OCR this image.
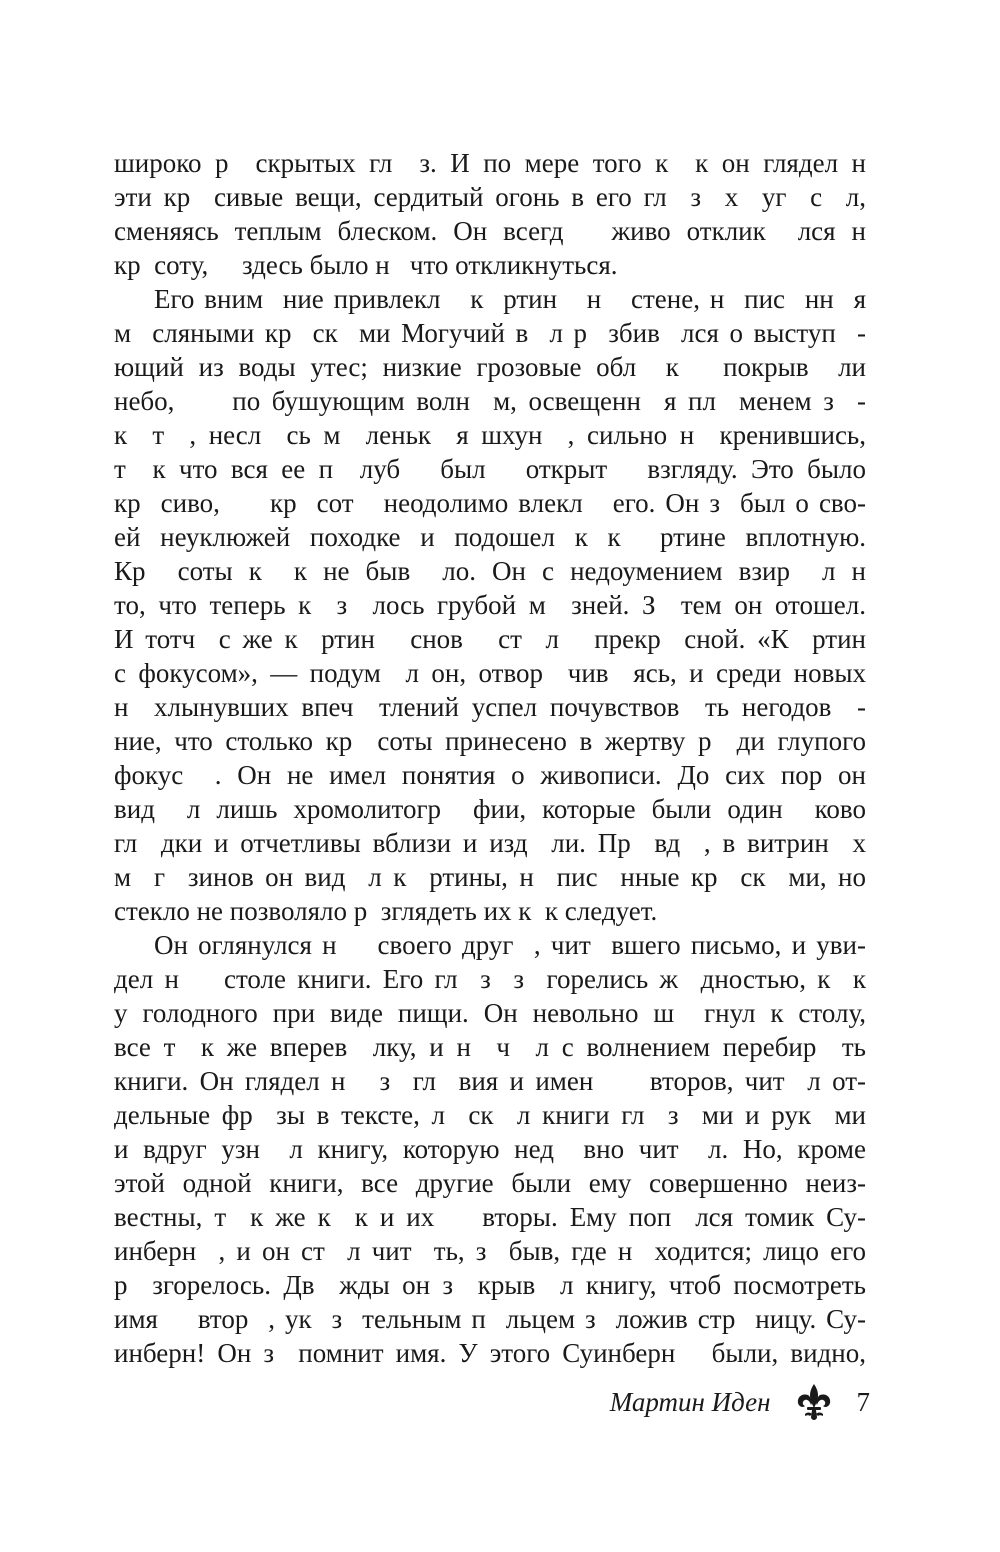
широко р  скрытых гл  з. И по мере того к  к он глядел н
эти кр  сивые вещи, сердитый огонь в его гл  з  х  уг  с  л,
сменяясь теплым блеском. Он всегд   живо отклик  лся н
кр  соту,     здесь было н   что откликнуться.
Его вним  ние привлекл   к  ртин   н   стене, н  пис  нн  я
м  сляными кр  ск  ми Могучий в  л р  збив  лся о выступ  -
ющий из воды утес; низкие грозовые обл  к   покрыв  ли
небо,     по бушующим волн  м, освещенн  я пл  менем з  -
к  т  , несл  сь м  леньк  я шхун  , сильно н  кренившись,
т  к что вся ее п  луб   был   открыт   взгляду. Это было
кр  сиво,     кр  сот   неодолимо влекл   его. Он з  был о сво-
ей неуклюжей походке и подошел к к  ртине вплотную.
Кр  соты к  к не быв  ло. Он с недоумением взир  л н
то, что теперь к  з  лось грубой м  зней. З  тем он отошел.
И тотч  с же к  ртин   снов   ст  л   прекр  сной. «К  ртин
с фокусом», — подум  л он, отвор  чив  ясь, и среди новых
н  хлынувших впеч  тлений успел почувствов  ть негодов  -
ние, что столько кр  соты принесено в жертву р  ди глупого
фокус  . Он не имел понятия о живописи. До сих пор он
вид  л лишь хромолитогр  фии, которые были один  ково
гл  дки и отчетливы вблизи и изд  ли. Пр  вд  , в витрин  х
м  г  зинов он вид  л к  ртины, н  пис  нные кр  ск  ми, но
стекло не позволяло р  зглядеть их к  к следует.
Он оглянулся н    своего друг  , чит  вшего письмо, и уви-
дел н    столе книги. Его гл  з  з  горелись ж  дностью, к  к
у голодного при виде пищи. Он невольно ш  гнул к столу,
все т  к же вперев  лку, и н  ч  л с волнением перебир  ть
книги. Он глядел н   з  гл  вия и имен     второв, чит  л от-
дельные фр  зы в тексте, л  ск  л книги гл  з  ми и рук  ми
и вдруг узн  л книгу, которую нед  вно чит  л. Но, кроме
этой одной книги, все другие были ему совершенно неиз-
вестны, т  к же к  к и их    вторы. Ему поп  лся томик Су-
инберн  , и он ст  л чит  ть, з  быв, где н  ходится; лицо его
р  згорелось. Дв  жды он з  крыв  л книгу, чтоб посмотреть
имя    втор  , ук  з  тельным п  льцем з  ложив стр  ницу. Су-
инберн! Он з  помнит имя. У этого Суинберн   были, видно,
Мартин Иден	7
